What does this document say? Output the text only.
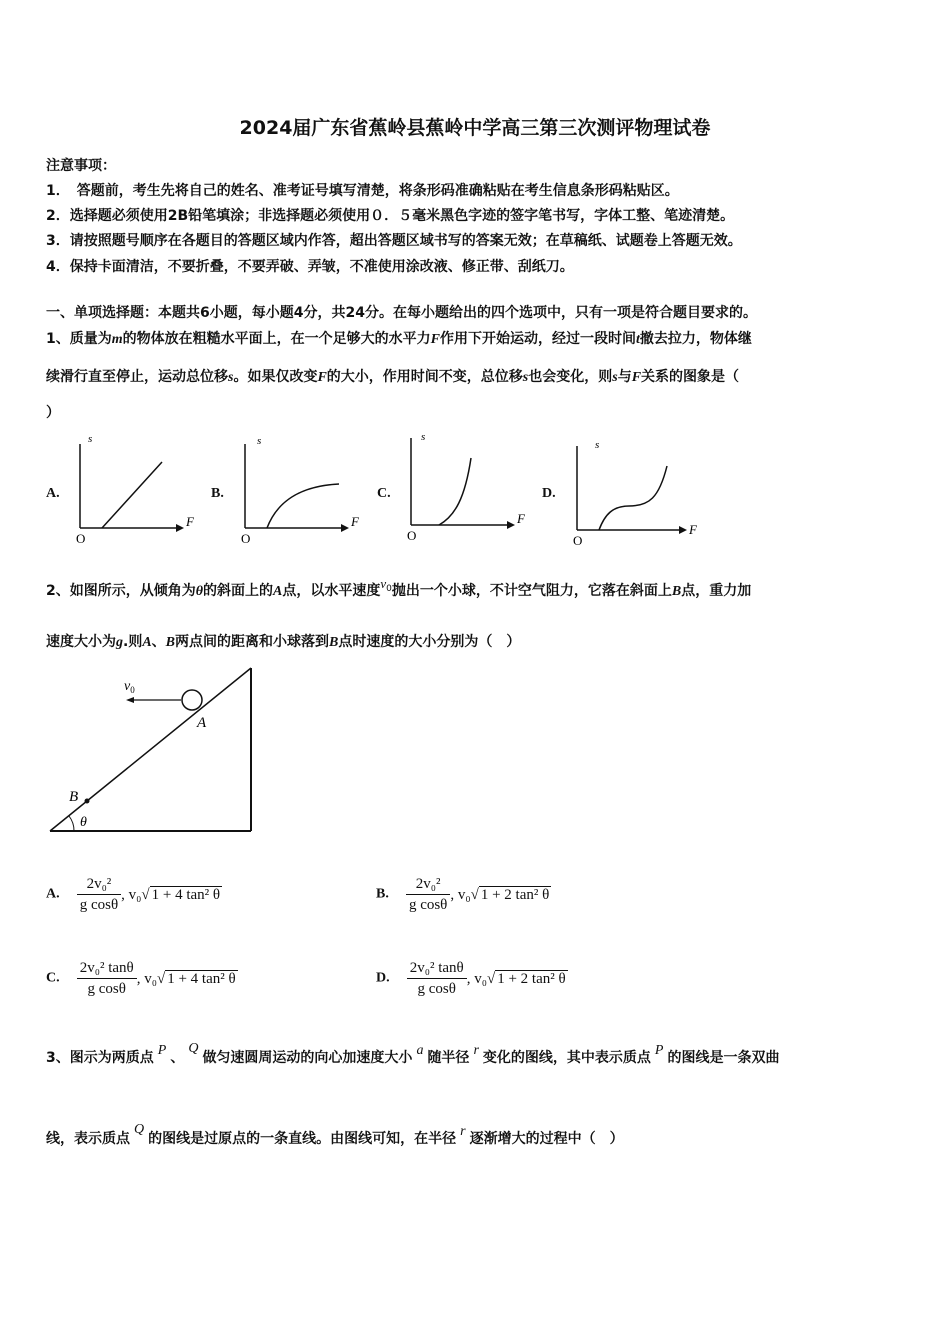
2024届广东省蕉岭县蕉岭中学高三第三次测评物理试卷
注意事项：
1．　答题前，考生先将自己的姓名、准考证号填写清楚，将条形码准确粘贴在考生信息条形码粘贴区。
2．选择题必须使用2B铅笔填涂；非选择题必须使用０．５毫米黑色字迹的签字笔书写，字体工整、笔迹清楚。
3．请按照题号顺序在各题目的答题区域内作答，超出答题区域书写的答案无效；在草稿纸、试题卷上答题无效。
4．保持卡面清洁，不要折叠，不要弄破、弄皱，不准使用涂改液、修正带、刮纸刀。
一、单项选择题：本题共6小题，每小题4分，共24分。在每小题给出的四个选项中，只有一项是符合题目要求的。
1、质量为m的物体放在粗糙水平面上，在一个足够大的水平力F作用下开始运动，经过一段时间t撤去拉力，物体继
续滑行直至停止，运动总位移s。如果仅改变F的大小，作用时间不变，总位移s也会变化，则s与F关系的图象是（
）
A.
s
F
O
B.
s
F
O
C.
s
F
O
D.
s
F
O
2、如图所示，从倾角为θ的斜面上的A点，以水平速度$v^0$抛出一个小球，不计空气阻力，它落在斜面上B点，重力加
速度大小为g.则A、B两点间的距离和小球落到B点时速度的大小分别为（　）
$v_0$
A
B
θ
A. $\frac{\text{2v₀²}}{\text{g cosθ}}$ , v₀√ 1 + 4 tan² θ	B. $\frac{\text{2v₀²}}{\text{g cosθ}}$ , v₀√ 1 + 2 tan² θ
C. $\frac{\text{2v₀² tanθ}}{\text{g cosθ}}$ , v₀√ 1 + 4 tan² θ	D. $\frac{\text{2v₀² tanθ}}{\text{g cosθ}}$ , v₀√ 1 + 2 tan² θ
3、图示为两质点 P 、Q做匀速圆周运动的向心加速度大小 a 随半径 r 变化的图线，其中表示质点 P 的图线是一条双曲
线，表示质点Q的图线是过原点的一条直线。由图线可知，在半径 r 逐渐增大的过程中（　）
